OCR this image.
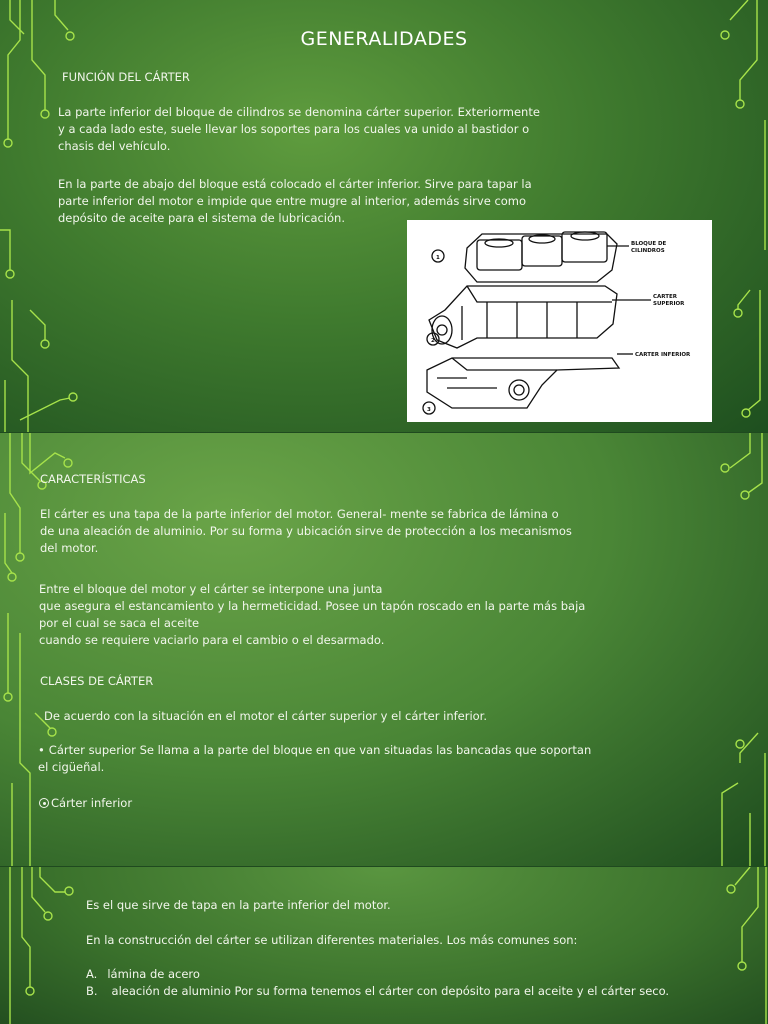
GENERALIDADES
FUNCIÓN DEL CÁRTER
La parte inferior del bloque de cilindros se denomina cárter superior. Exteriormente
y a cada lado este, suele llevar los soportes para los cuales va unido al bastidor o
chasis del vehículo.
En la parte de abajo del bloque está colocado el cárter inferior. Sirve para tapar la
parte inferior del motor e impide que entre mugre al interior, además sirve como
depósito de aceite para el sistema de lubricación.
BLOQUE DE
CILINDROS
CARTER
SUPERIOR
CARTER INFERIOR
1
2
3
CARACTERÍSTICAS
El cárter es una tapa de la parte inferior del motor. General- mente se fabrica de lámina o
de una aleación de aluminio. Por su forma y ubicación sirve de protección a los mecanismos
del motor.
Entre el bloque del motor y el cárter se interpone una junta
que asegura el estancamiento y la hermeticidad. Posee un tapón roscado en la parte más baja
por el cual se saca el aceite
cuando se requiere vaciarlo para el cambio o el desarmado.
CLASES DE CÁRTER
De acuerdo con la situación en el motor el cárter superior y el cárter inferior.
• Cárter superior Se llama a la parte del bloque en que van situadas las bancadas que soportan
el cigüeñal.
Cárter inferior
Es el que sirve de tapa en la parte inferior del motor.
En la construcción del cárter se utilizan diferentes materiales. Los más comunes son:
A. lámina de acero
B. aleación de aluminio Por su forma tenemos el cárter con depósito para el aceite y el cárter seco.
